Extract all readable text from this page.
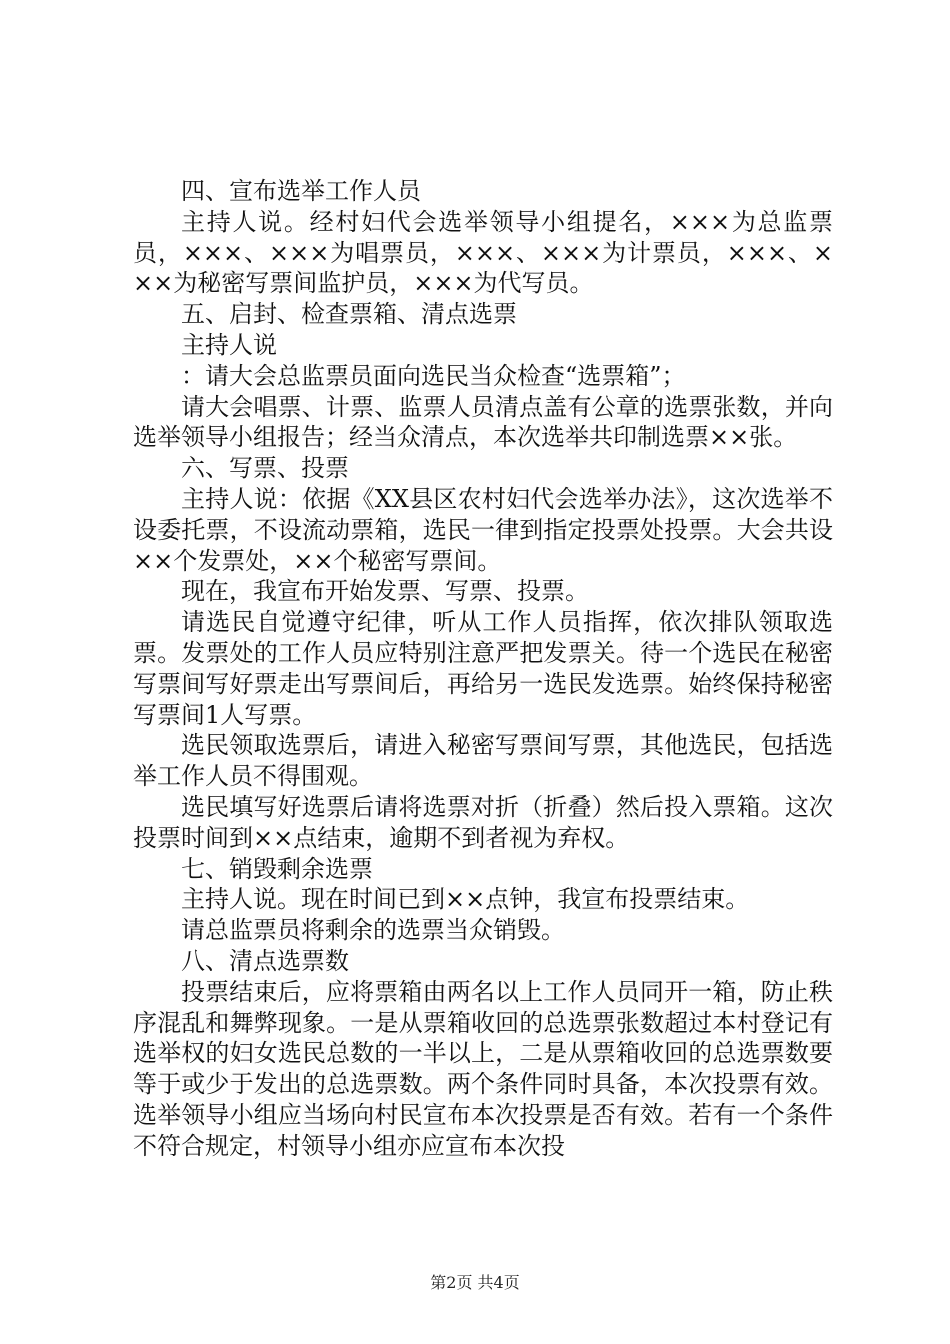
四、宣布选举工作人员

主持人说。经村妇代会选举领导小组提名，×××为总监票员，×××、×××为唱票员，×××、×××为计票员，×××、×××为秘密写票间监护员，×××为代写员。

五、启封、检查票箱、清点选票

主持人说

：请大会总监票员面向选民当众检查“选票箱”；

请大会唱票、计票、监票人员清点盖有公章的选票张数，并向选举领导小组报告；经当众清点，本次选举共印制选票××张。

六、写票、投票

主持人说：依据《XX县区农村妇代会选举办法》，这次选举不设委托票，不设流动票箱，选民一律到指定投票处投票。大会共设××个发票处，××个秘密写票间。

现在，我宣布开始发票、写票、投票。

请选民自觉遵守纪律，听从工作人员指挥，依次排队领取选票。发票处的工作人员应特别注意严把发票关。待一个选民在秘密写票间写好票走出写票间后，再给另一选民发选票。始终保持秘密写票间1人写票。

选民领取选票后，请进入秘密写票间写票，其他选民，包括选举工作人员不得围观。

选民填写好选票后请将选票对折（折叠）然后投入票箱。这次投票时间到××点结束，逾期不到者视为弃权。

七、销毁剩余选票

主持人说。现在时间已到××点钟，我宣布投票结束。

请总监票员将剩余的选票当众销毁。

八、清点选票数

投票结束后，应将票箱由两名以上工作人员同开一箱，防止秩序混乱和舞弊现象。一是从票箱收回的总选票张数超过本村登记有选举权的妇女选民总数的一半以上，二是从票箱收回的总选票数要等于或少于发出的总选票数。两个条件同时具备，本次投票有效。选举领导小组应当场向村民宣布本次投票是否有效。若有一个条件不符合规定，村领导小组亦应宣布本次投

第2页 共4页
